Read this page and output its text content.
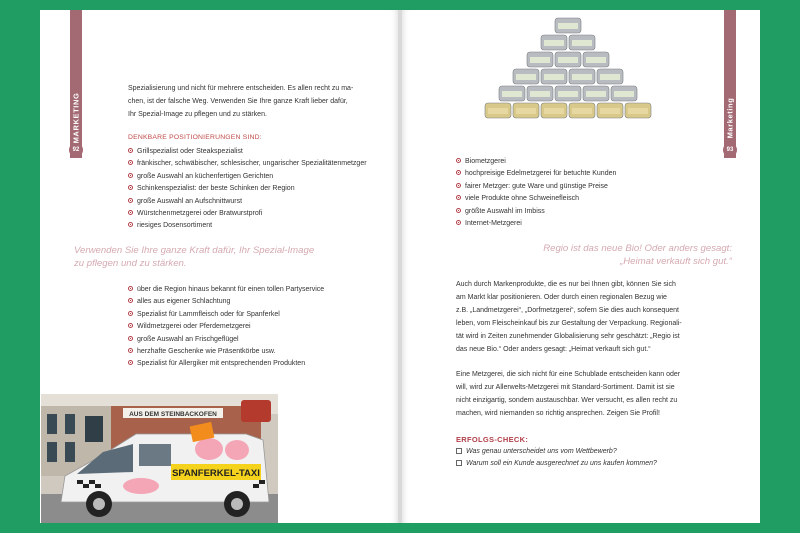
MARKETING
92
Spezialisierung und nicht für mehrere entscheiden. Es allen recht zu ma-
chen, ist der falsche Weg. Verwenden Sie Ihre ganze Kraft lieber dafür,
Ihr Spezial-Image zu pflegen und zu stärken.
DENKBARE POSITIONIERUNGEN SIND:
Grillspezialist oder Steakspezialist
fränkischer, schwäbischer, schlesischer, ungarischer Spezialitätenmetzger
große Auswahl an küchenfertigen Gerichten
Schinkenspezialist: der beste Schinken der Region
große Auswahl an Aufschnittwurst
Würstchenmetzgerei oder Bratwurstprofi
riesiges Dosensortiment
Verwenden Sie Ihre ganze Kraft dafür, Ihr Spezial-Image
zu pflegen und zu stärken.
über die Region hinaus bekannt für einen tollen Partyservice
alles aus eigener Schlachtung
Spezialist für Lammfleisch oder für Spanferkel
Wildmetzgerei oder Pferdemetzgerei
große Auswahl an Frischgeflügel
herzhafte Geschenke wie Präsentkörbe usw.
Spezialist für Allergiker mit entsprechenden Produkten
AUS DEM STEINBACKOFEN
SPANFERKEL-TAXI
Marketing
93
Biometzgerei
hochpreisige Edelmetzgerei für betuchte Kunden
fairer Metzger: gute Ware und günstige Preise
viele Produkte ohne Schweinefleisch
größte Auswahl im Imbiss
Internet-Metzgerei
Regio ist das neue Bio! Oder anders gesagt:
„Heimat verkauft sich gut.“
Auch durch Markenprodukte, die es nur bei Ihnen gibt, können Sie sich
am Markt klar positionieren. Oder durch einen regionalen Bezug wie
z.B. „Landmetzgerei“, „Dorfmetzgerei“, sofern Sie dies auch konsequent
leben, vom Fleischeinkauf bis zur Gestaltung der Verpackung. Regionali-
tät wird in Zeiten zunehmender Globalisierung sehr geschätzt: „Regio ist
das neue Bio.“ Oder anders gesagt: „Heimat verkauft sich gut.“
Eine Metzgerei, die sich nicht für eine Schublade entscheiden kann oder
will, wird zur Allerwelts-Metzgerei mit Standard-Sortiment. Damit ist sie
nicht einzigartig, sondern austauschbar. Wer versucht, es allen recht zu
machen, wird niemanden so richtig ansprechen. Zeigen Sie Profil!
ERFOLGS-CHECK:
Was genau unterscheidet uns vom Wettbewerb?
Warum soll ein Kunde ausgerechnet zu uns kaufen kommen?
